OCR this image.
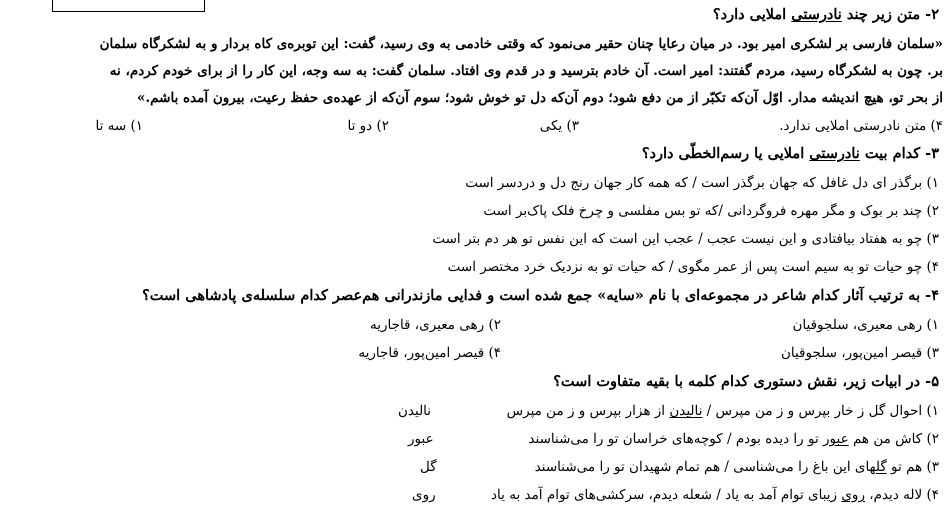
۲- متن زیر چند نادرستی املایی دارد؟
«سلمان فارسی بر لشکری امیر بود. در میان رعایا چنان حقیر می‌نمود که وقتی خادمی به وی رسید، گفت: این توبره‌ی کاه بردار و به لشکرگاه سلمان
بر. چون به لشکرگاه رسید، مردم گفتند: امیر است. آن خادم بترسید و در قدم وی افتاد. سلمان گفت: به سه وجه، این کار را از برای خودم کردم، نه
از بحر تو، هیچ اندیشه مدار. اوّل آن‌که تکبّر از من دفع شود؛ دوم آن‌که دل تو خوش شود؛ سوم آن‌که از عهده‌ی حفظ رعیت، بیرون آمده باشم.»
۱) سه تا	۲) دو تا	۳) یکی	۴) متن نادرستی املایی ندارد.
۳- کدام بیت نادرستی املایی یا رسم‌الخطّی دارد؟
۱) برگذر ای دل غافل که جهان برگذر است / که همه کار جهان رنج دل و دردسر است
۲) چند بر بوک و مگر مهره فروگردانی /که تو بس مفلسی و چرخ فلک پاک‌بر است
۳) چو به هفتاد بیافتادی و این نیست عجب / عجب این است که این نفس تو هر دم بتر است
۴) چو حیات تو به سیم است پس از عمر مگوی / که حیات تو به نزدیک خرد مختصر است
۴- به ترتیب آثار کدام شاعر در مجموعه‌ای با نام «سایه» جمع شده است و فدایی مازندرانی هم‌عصر کدام سلسله‌ی پادشاهی است؟
۱) رهی معیری، سلجوقیان
۲) رهی معیری، قاجاریه
۳) قیصر امین‌پور، سلجوقیان
۴) قیصر امین‌پور، قاجاریه
۵- در ابیات زیر، نقش دستوری کدام کلمه با بقیه متفاوت است؟
۱) احوال گل ز خار بپرس و ز من مپرس / نالیدن از هزار بپرس و ز من مپرس
نالیدن
۲) کاش من هم عبور تو را دیده بودم / کوچه‌های خراسان تو را می‌شناسند
عبور
۳) هم تو گلهای این باغ را می‌شناسی / هم تمام شهیدان تو را می‌شناسند
گل
۴) لاله دیدم، روی زیبای توام آمد به یاد / شعله دیدم، سرکشی‌های توام آمد به یاد
روی
